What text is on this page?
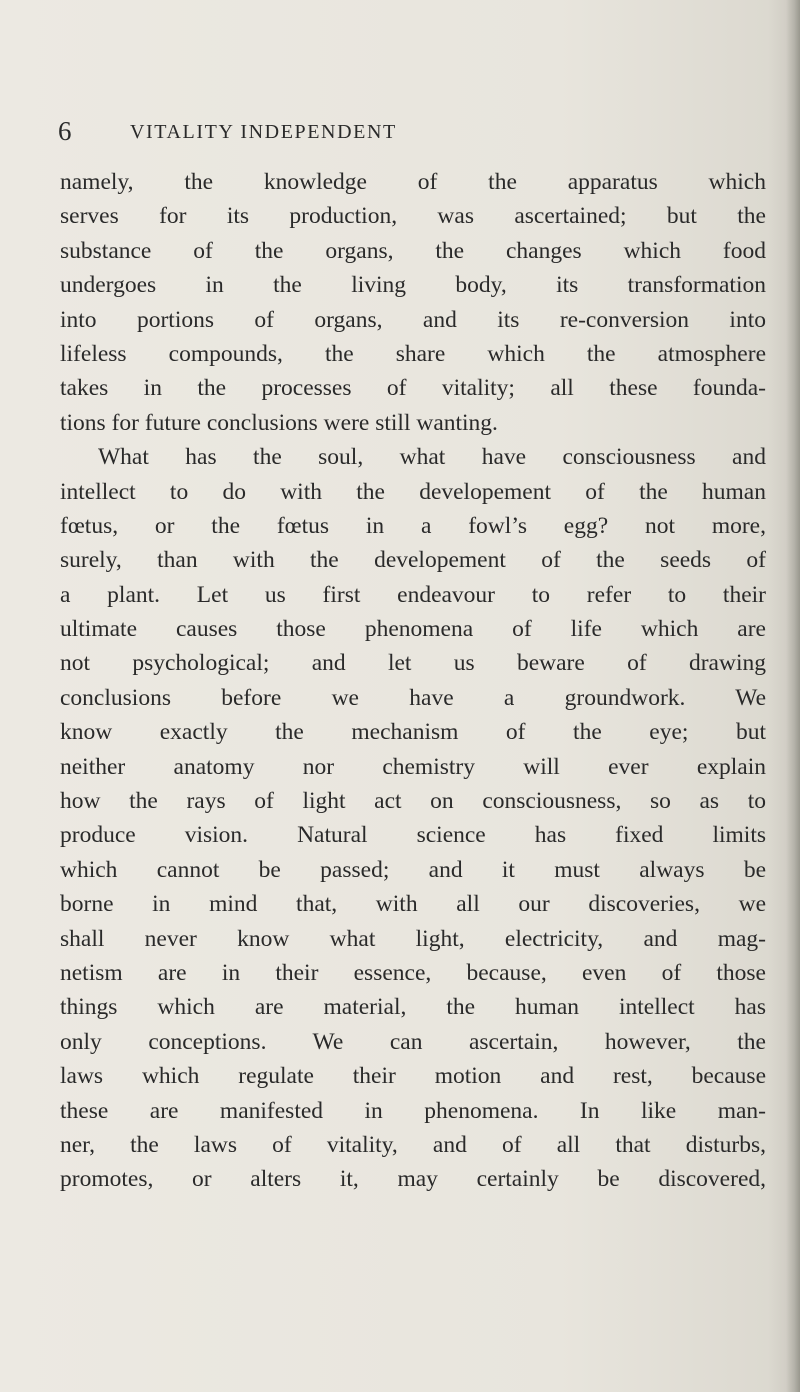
6	VITALITY INDEPENDENT
namely, the knowledge of the apparatus which
serves for its production, was ascertained; but the
substance of the organs, the changes which food
undergoes in the living body, its transformation
into portions of organs, and its re-conversion into
lifeless compounds, the share which the atmosphere
takes in the processes of vitality; all these founda-
tions for future conclusions were still wanting.
What has the soul, what have consciousness and
intellect to do with the developement of the human
fœtus, or the fœtus in a fowl’s egg? not more,
surely, than with the developement of the seeds of
a plant. Let us first endeavour to refer to their
ultimate causes those phenomena of life which are
not psychological; and let us beware of drawing
conclusions before we have a groundwork. We
know exactly the mechanism of the eye; but
neither anatomy nor chemistry will ever explain
how the rays of light act on consciousness, so as to
produce vision. Natural science has fixed limits
which cannot be passed; and it must always be
borne in mind that, with all our discoveries, we
shall never know what light, electricity, and mag-
netism are in their essence, because, even of those
things which are material, the human intellect has
only conceptions. We can ascertain, however, the
laws which regulate their motion and rest, because
these are manifested in phenomena. In like man-
ner, the laws of vitality, and of all that disturbs,
promotes, or alters it, may certainly be discovered,
